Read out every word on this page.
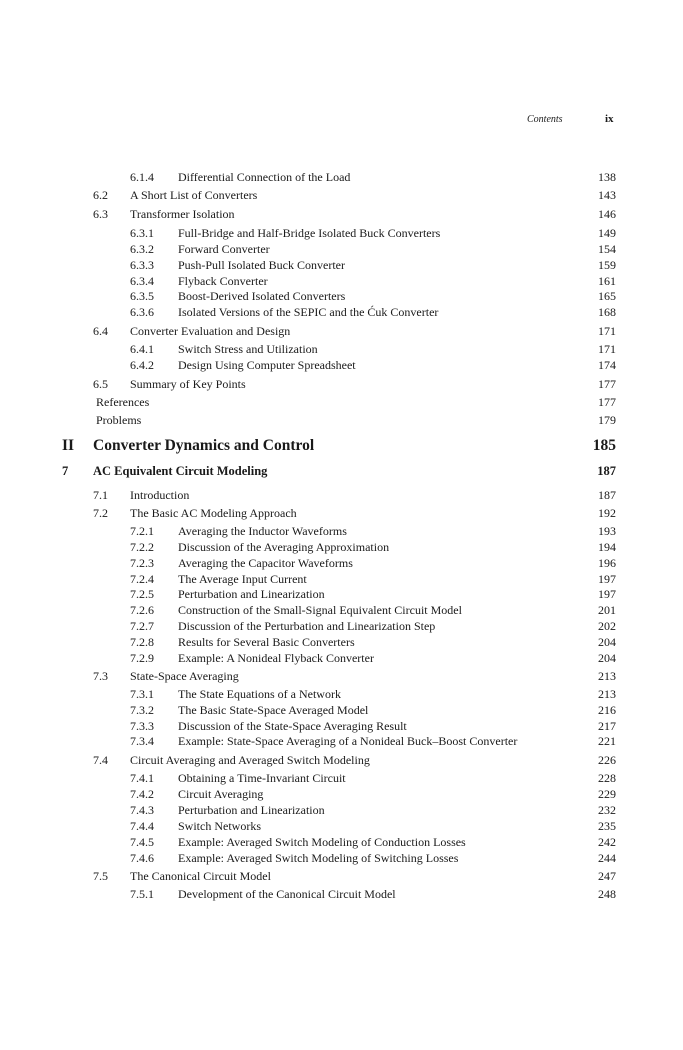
Contents	ix
6.1.4 Differential Connection of the Load	138
6.2 A Short List of Converters	143
6.3 Transformer Isolation	146
6.3.1 Full-Bridge and Half-Bridge Isolated Buck Converters	149
6.3.2 Forward Converter	154
6.3.3 Push-Pull Isolated Buck Converter	159
6.3.4 Flyback Converter	161
6.3.5 Boost-Derived Isolated Converters	165
6.3.6 Isolated Versions of the SEPIC and the Ćuk Converter	168
6.4 Converter Evaluation and Design	171
6.4.1 Switch Stress and Utilization	171
6.4.2 Design Using Computer Spreadsheet	174
6.5 Summary of Key Points	177
References	177
Problems	179
II Converter Dynamics and Control	185
7 AC Equivalent Circuit Modeling	187
7.1 Introduction	187
7.2 The Basic AC Modeling Approach	192
7.2.1 Averaging the Inductor Waveforms	193
7.2.2 Discussion of the Averaging Approximation	194
7.2.3 Averaging the Capacitor Waveforms	196
7.2.4 The Average Input Current	197
7.2.5 Perturbation and Linearization	197
7.2.6 Construction of the Small-Signal Equivalent Circuit Model	201
7.2.7 Discussion of the Perturbation and Linearization Step	202
7.2.8 Results for Several Basic Converters	204
7.2.9 Example: A Nonideal Flyback Converter	204
7.3 State-Space Averaging	213
7.3.1 The State Equations of a Network	213
7.3.2 The Basic State-Space Averaged Model	216
7.3.3 Discussion of the State-Space Averaging Result	217
7.3.4 Example: State-Space Averaging of a Nonideal Buck–Boost Converter	221
7.4 Circuit Averaging and Averaged Switch Modeling	226
7.4.1 Obtaining a Time-Invariant Circuit	228
7.4.2 Circuit Averaging	229
7.4.3 Perturbation and Linearization	232
7.4.4 Switch Networks	235
7.4.5 Example: Averaged Switch Modeling of Conduction Losses	242
7.4.6 Example: Averaged Switch Modeling of Switching Losses	244
7.5 The Canonical Circuit Model	247
7.5.1 Development of the Canonical Circuit Model	248
